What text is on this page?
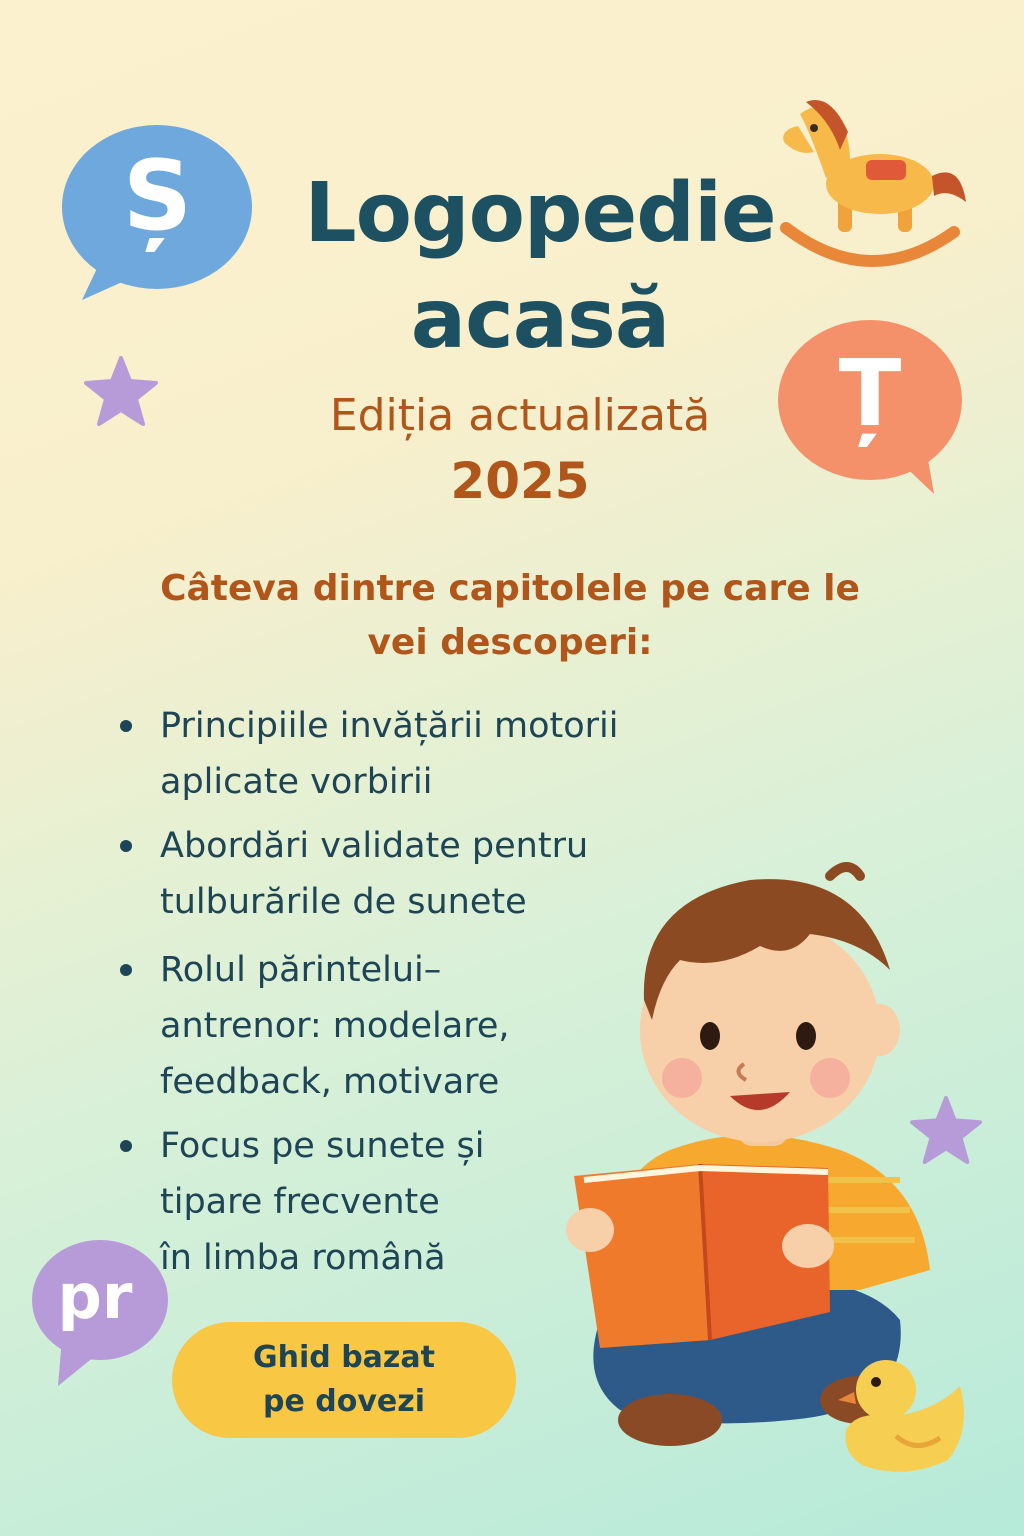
Ș
Ț
pr
Logopedie
acasă
Ediția actualizată
2025
Câteva dintre capitolele pe care le
vei descoperi:
Principiile invățării motorii
aplicate vorbirii
Abordări validate pentru
tulburările de sunete
Rolul părintelui–
antrenor: modelare,
feedback, motivare
Focus pe sunete și
tipare frecvente
în limba română
Ghid bazat
pe dovezi
